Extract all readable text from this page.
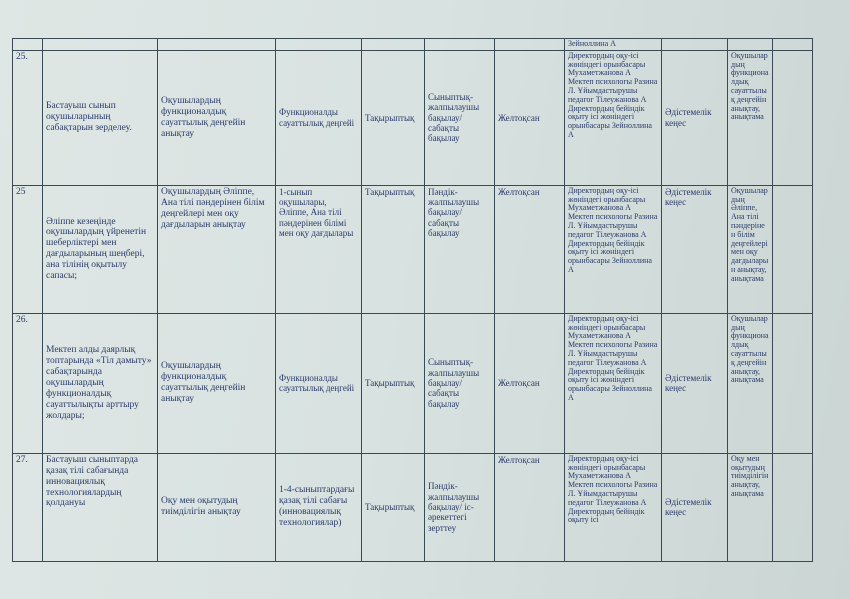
							Зейноллина А			
25.	Бастауыш сынып оқушыларының сабақтарын зерделеу.	Оқушылардың функционалдық сауаттылық деңгейін анықтау	Функционалды сауаттылық деңгейі	Тақырыптық	Сыныптық-жалпылаушы бақылау/сабақты бақылау	Желтоқсан	Директордың оқу-ісі жөніндегі орынбасары Мухаметжанова А Мектеп психологы Разина Л. Ұйымдастырушы педагог Тілеужанова А Директордың бейіндік оқыту ісі жөніндегі орынбасары Зейноллина А	Әдістемелік кеңес	Оқушылардың функционалдық сауаттылық деңгейін анықтау, анықтама	
25	Әліппе кезеңінде оқушылардың үйренетін шеберліктері мен дағдыларының шеңбері, ана тілінің оқытылу сапасы;	Оқушылардың Әліппе, Ана тілі пәндерінен білім деңгейлері мен оқу дағдыларын анықтау	1-сынып оқушылары, Әліппе, Ана тілі пәндерінен білімі мен оқу дағдылары	Тақырыптық	Пәндік-жалпылаушы бақылау/ сабақты бақылау	Желтоқсан	Директордың оқу-ісі жөніндегі орынбасары Мухаметжанова А Мектеп психологы Разина Л. Ұйымдастырушы педагог Тілеужанова А Директордың бейіндік оқыту ісі жөніндегі орынбасары Зейноллина А	Әдістемелік кеңес	Оқушылардың Әліппе, Ана тілі пәндерінен білім деңгейлері мен оқу дағдыларын анықтау, анықтама	
26.	Мектеп алды даярлық топтарында «Тіл дамыту» сабақтарында оқушылардың функционалдық сауаттылықты арттыру жолдары;	Оқушылардың функционалдық сауаттылық деңгейін анықтау	Функционалды сауаттылық деңгейі	Тақырыптық	Сыныптық-жалпылаушы бақылау/сабақты бақылау	Желтоқсан	Директордың оқу-ісі жөніндегі орынбасары Мухаметжанова А Мектеп психологы Разина Л. Ұйымдастырушы педагог Тілеужанова А Директордың бейіндік оқыту ісі жөніндегі орынбасары Зейноллина А	Әдістемелік кеңес	Оқушылардың функционалдық сауаттылық деңгейін анықтау, анықтама	
27.	Бастауыш сыныптарда қазақ тілі сабағында инновациялық технологиялардың қолдануы	Оқу мен оқытудың тиімділігін анықтау	1-4-сыныптардағы қазақ тілі сабағы (инновациялық технологиялар)	Тақырыптық	Пәндік-жалпылаушы бақылау/ іс-әрекеттегі зерттеу	Желтоқсан	Директордың оқу-ісі жөніндегі орынбасары Мухаметжанова А Мектеп психологы Разина Л. Ұйымдастырушы педагог Тілеужанова А Директордың бейіндік оқыту ісі	Әдістемелік кеңес	Оқу мен оқытудың тиімділігін анықтау, анықтама	
